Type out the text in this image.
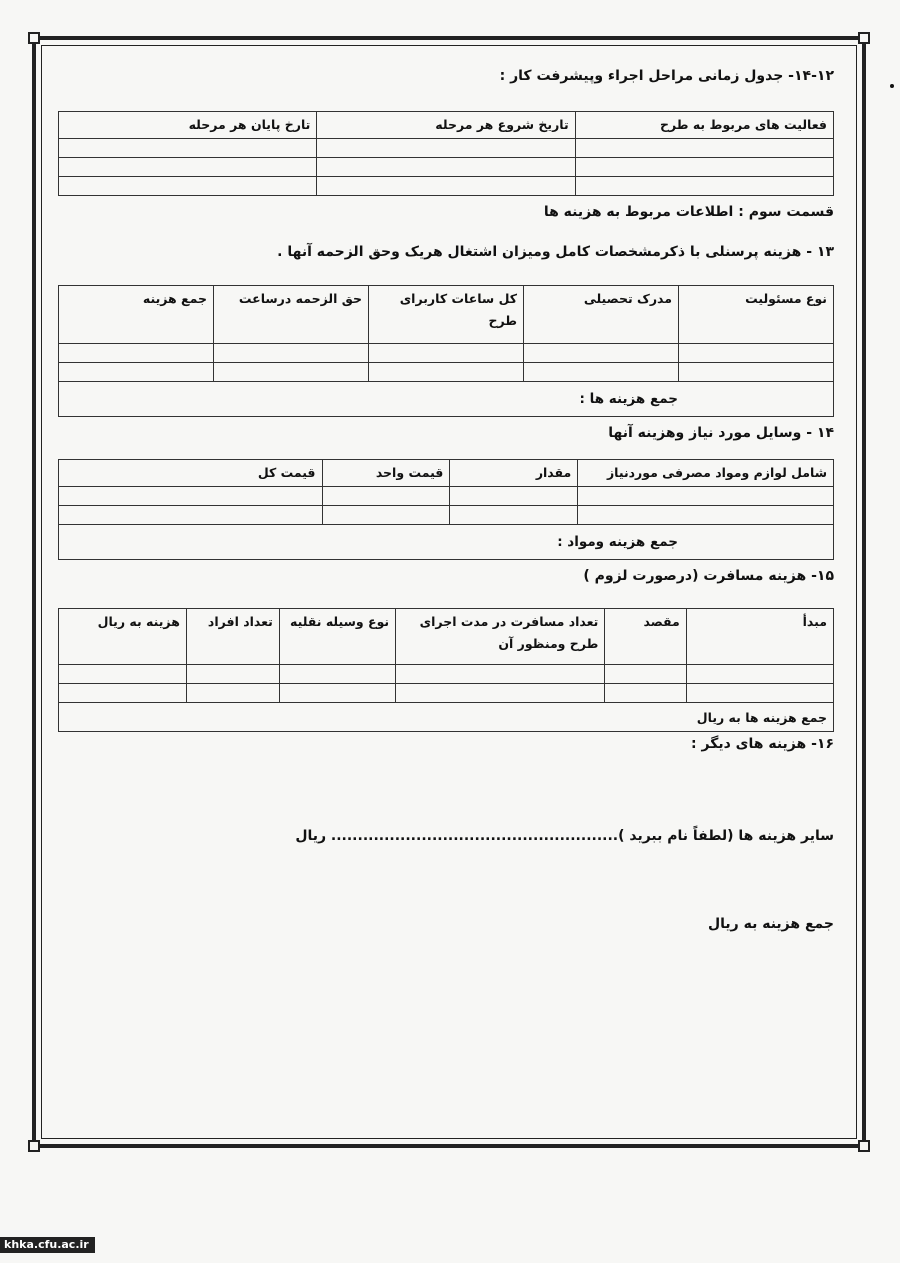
۱۴-۱۲- جدول زمانی مراحل اجراء وپیشرفت کار :
فعالیت های مربوط به طرح	تاریخ شروع هر مرحله	تارخ پایان هر مرحله

قسمت سوم : اطلاعات مربوط به هزینه ها
۱۳ - هزینه پرسنلی با ذکرمشخصات کامل ومیزان اشتغال هریک وحق الزحمه آنها .
نوع مسئولیت	مدرک تحصیلی	کل ساعات کاربرای طرح	حق الزحمه درساعت	جمع هزینه

جمع هزینه ها :				
۱۴ - وسایل مورد نیاز وهزینه آنها
شامل لوازم ومواد مصرفی موردنیاز	مقدار	قیمت واحد	قیمت کل

جمع هزینه ومواد :			
۱۵- هزینه مسافرت (درصورت لزوم )
مبدأ	مقصد	تعداد مسافرت در مدت اجرای طرح ومنظور آن	نوع وسیله نقلیه	تعداد افراد	هزینه به ریال

جمع هزینه ها به ریال					
۱۶- هزینه های دیگر :
سایر هزینه ها (لطفاً نام ببرید )...................................................... ریال
جمع هزینه به ریال
khka.cfu.ac.ir
